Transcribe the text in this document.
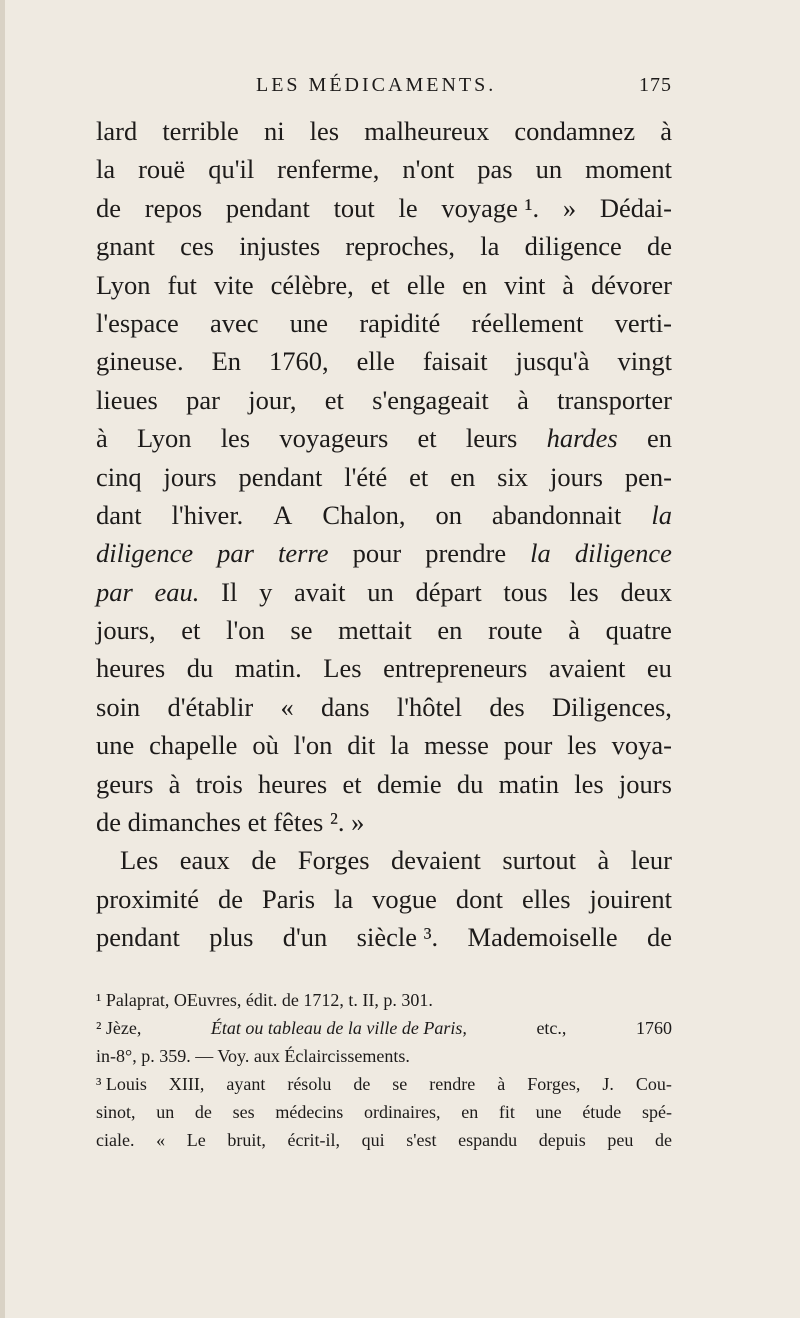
LES MÉDICAMENTS.	175
lard terrible ni les malheureux condamnez à
la rouë qu'il renferme, n'ont pas un moment
de repos pendant tout le voyage ¹. » Dédai-
gnant ces injustes reproches, la diligence de
Lyon fut vite célèbre, et elle en vint à dévorer
l'espace avec une rapidité réellement verti-
gineuse. En 1760, elle faisait jusqu'à vingt
lieues par jour, et s'engageait à transporter
à Lyon les voyageurs et leurs hardes en
cinq jours pendant l'été et en six jours pen-
dant l'hiver. A Chalon, on abandonnait la
diligence par terre pour prendre la diligence
par eau. Il y avait un départ tous les deux
jours, et l'on se mettait en route à quatre
heures du matin. Les entrepreneurs avaient eu
soin d'établir « dans l'hôtel des Diligences,
une chapelle où l'on dit la messe pour les voya-
geurs à trois heures et demie du matin les jours
de dimanches et fêtes ². »
Les eaux de Forges devaient surtout à leur
proximité de Paris la vogue dont elles jouirent
pendant plus d'un siècle ³. Mademoiselle de
¹ Palaprat, OEuvres, édit. de 1712, t. II, p. 301.
² Jèze,	État ou tableau de la ville de Paris,	etc.,	1760
in-8°, p. 359. — Voy. aux Éclaircissements.
³ Louis XIII, ayant résolu de se rendre à Forges, J. Cou-
sinot, un de ses médecins ordinaires, en fit une étude spé-
ciale. « Le bruit, écrit-il, qui s'est espandu depuis peu de
